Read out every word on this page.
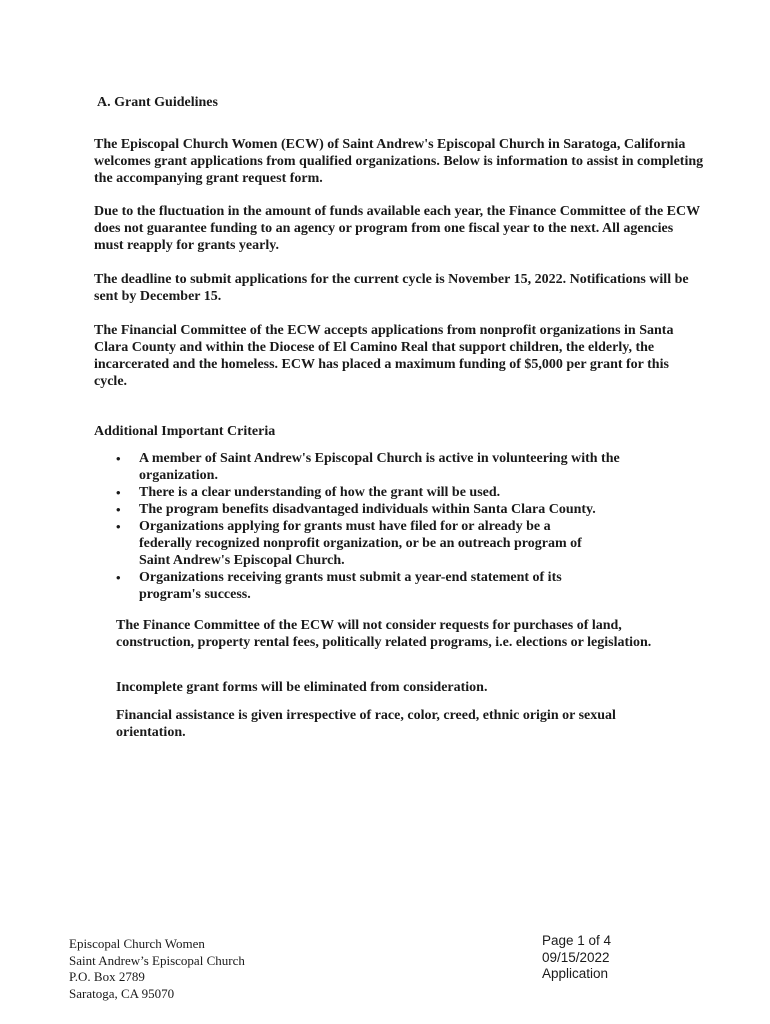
A. Grant Guidelines

The Episcopal Church Women (ECW) of Saint Andrew's Episcopal Church in Saratoga, California welcomes grant applications from qualified organizations. Below is information to assist in completing the accompanying grant request form.

Due to the fluctuation in the amount of funds available each year, the Finance Committee of the ECW does not guarantee funding to an agency or program from one fiscal year to the next. All agencies must reapply for grants yearly.

The deadline to submit applications for the current cycle is November 15, 2022. Notifications will be sent by December 15.

The Financial Committee of the ECW accepts applications from nonprofit organizations in Santa Clara County and within the Diocese of El Camino Real that support children, the elderly, the incarcerated and the homeless. ECW has placed a maximum funding of $5,000 per grant for this cycle.

Additional Important Criteria
• A member of Saint Andrew's Episcopal Church is active in volunteering with the organization.
• There is a clear understanding of how the grant will be used.
• The program benefits disadvantaged individuals within Santa Clara County.
• Organizations applying for grants must have filed for or already be a federally recognized nonprofit organization, or be an outreach program of Saint Andrew's Episcopal Church.
• Organizations receiving grants must submit a year-end statement of its program's success.

The Finance Committee of the ECW will not consider requests for purchases of land, construction, property rental fees, politically related programs, i.e. elections or legislation.

Incomplete grant forms will be eliminated from consideration.

Financial assistance is given irrespective of race, color, creed, ethnic origin or sexual orientation.

Episcopal Church Women
Saint Andrew’s Episcopal Church
P.O. Box 2789
Saratoga, CA 95070
Page 1 of 4
09/15/2022
Application
